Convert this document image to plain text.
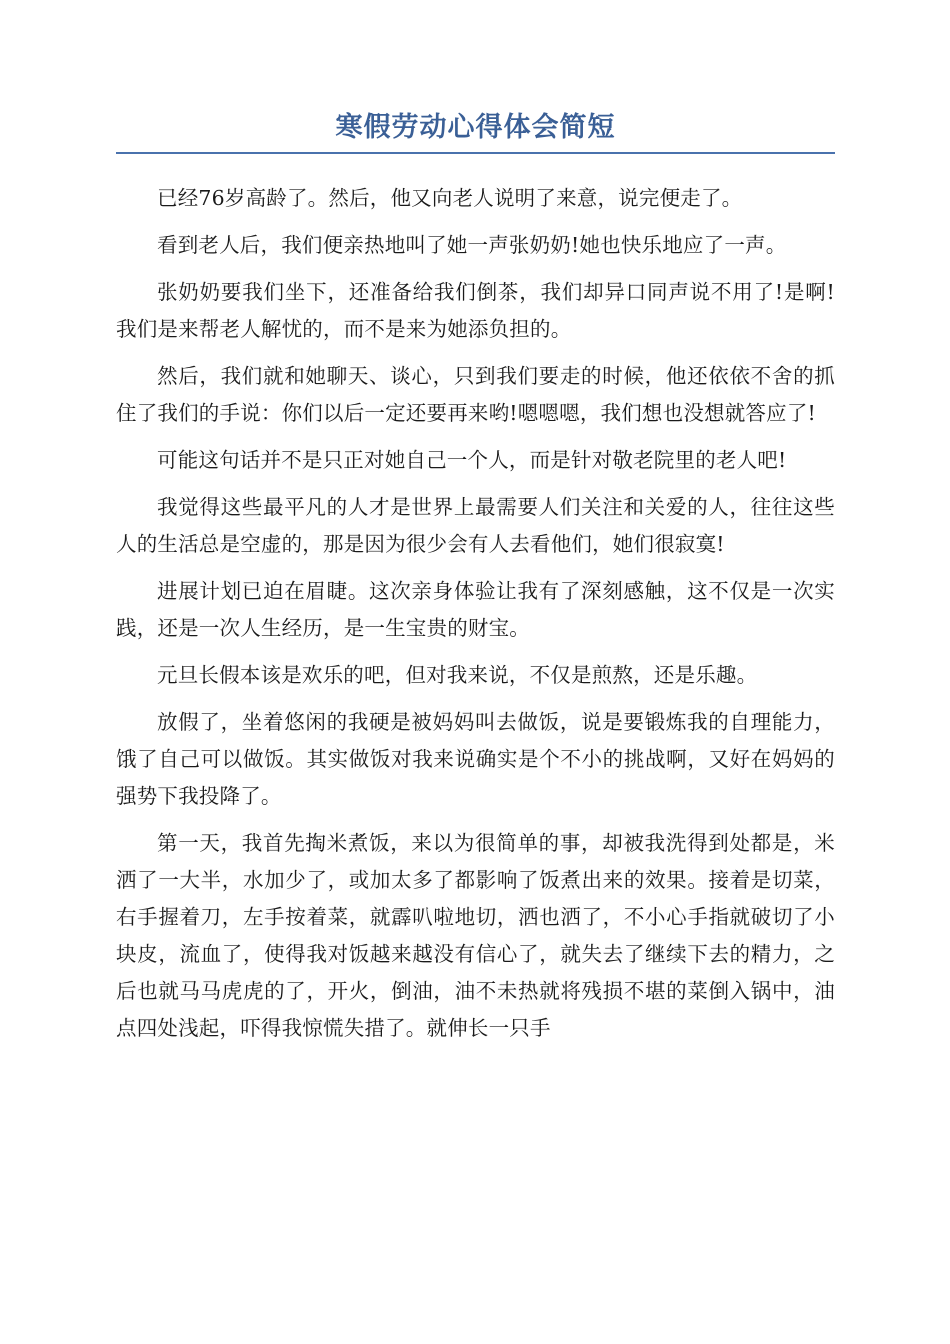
寒假劳动心得体会简短

已经76岁高龄了。然后，他又向老人说明了来意，说完便走了。

看到老人后，我们便亲热地叫了她一声张奶奶!她也快乐地应了一声。

张奶奶要我们坐下，还准备给我们倒茶，我们却异口同声说不用了!是啊!我们是来帮老人解忧的，而不是来为她添负担的。

然后，我们就和她聊天、谈心，只到我们要走的时候，他还依依不舍的抓住了我们的手说：你们以后一定还要再来哟!嗯嗯嗯，我们想也没想就答应了!

可能这句话并不是只正对她自己一个人，而是针对敬老院里的老人吧!

我觉得这些最平凡的人才是世界上最需要人们关注和关爱的人，往往这些人的生活总是空虚的，那是因为很少会有人去看他们，她们很寂寞!

进展计划已迫在眉睫。这次亲身体验让我有了深刻感触，这不仅是一次实践，还是一次人生经历，是一生宝贵的财宝。

元旦长假本该是欢乐的吧，但对我来说，不仅是煎熬，还是乐趣。

放假了，坐着悠闲的我硬是被妈妈叫去做饭，说是要锻炼我的自理能力，饿了自己可以做饭。其实做饭对我来说确实是个不小的挑战啊，又好在妈妈的强势下我投降了。

第一天，我首先掏米煮饭，来以为很简单的事，却被我洗得到处都是，米洒了一大半，水加少了，或加太多了都影响了饭煮出来的效果。接着是切菜，右手握着刀，左手按着菜，就霹叭啦地切，洒也洒了，不小心手指就破切了小块皮，流血了，使得我对饭越来越没有信心了，就失去了继续下去的精力，之后也就马马虎虎的了，开火，倒油，油不未热就将残损不堪的菜倒入锅中，油点四处浅起，吓得我惊慌失措了。就伸长一只手
